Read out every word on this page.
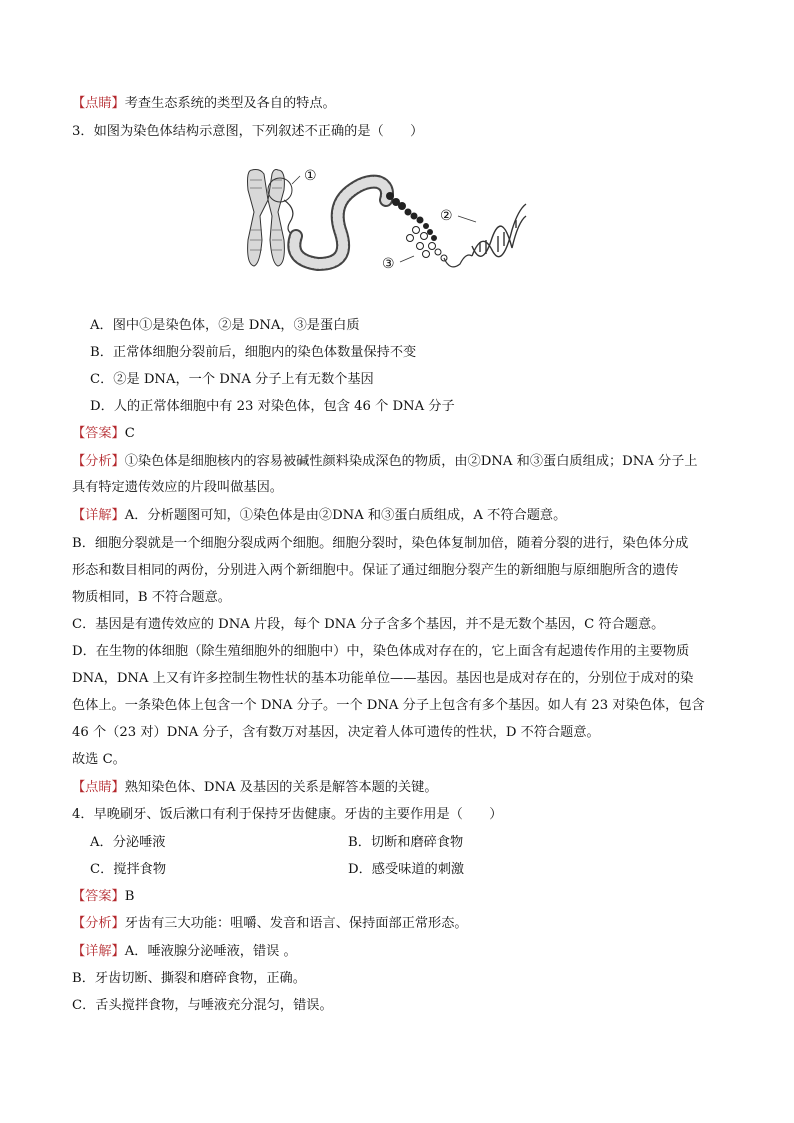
【点睛】考查生态系统的类型及各自的特点。
3．如图为染色体结构示意图，下列叙述不正确的是（　　）
①
②
③
A．图中①是染色体，②是 DNA，③是蛋白质
B．正常体细胞分裂前后，细胞内的染色体数量保持不变
C．②是 DNA，一个 DNA 分子上有无数个基因
D．人的正常体细胞中有 23 对染色体，包含 46 个 DNA 分子
【答案】C
【分析】①染色体是细胞核内的容易被碱性颜料染成深色的物质，由②DNA 和③蛋白质组成；DNA 分子上
具有特定遗传效应的片段叫做基因。
【详解】A．分析题图可知，①染色体是由②DNA 和③蛋白质组成，A 不符合题意。
B．细胞分裂就是一个细胞分裂成两个细胞。细胞分裂时，染色体复制加倍，随着分裂的进行，染色体分成
形态和数目相同的两份，分别进入两个新细胞中。保证了通过细胞分裂产生的新细胞与原细胞所含的遗传
物质相同，B 不符合题意。
C．基因是有遗传效应的 DNA 片段，每个 DNA 分子含多个基因，并不是无数个基因，C 符合题意。
D．在生物的体细胞（除生殖细胞外的细胞中）中，染色体成对存在的，它上面含有起遗传作用的主要物质
DNA，DNA 上又有许多控制生物性状的基本功能单位——基因。基因也是成对存在的，分别位于成对的染
色体上。一条染色体上包含一个 DNA 分子。一个 DNA 分子上包含有多个基因。如人有 23 对染色体，包含
46 个（23 对）DNA 分子，含有数万对基因，决定着人体可遗传的性状，D 不符合题意。
故选 C。
【点睛】熟知染色体、DNA 及基因的关系是解答本题的关键。
4．早晚刷牙、饭后漱口有利于保持牙齿健康。牙齿的主要作用是（　　）
A．分泌唾液	B．切断和磨碎食物
C．搅拌食物	D．感受味道的刺激
【答案】B
【分析】牙齿有三大功能：咀嚼、发音和语言、保持面部正常形态。
【详解】A．唾液腺分泌唾液，错误 。
B．牙齿切断、撕裂和磨碎食物，正确。
C．舌头搅拌食物，与唾液充分混匀，错误。
